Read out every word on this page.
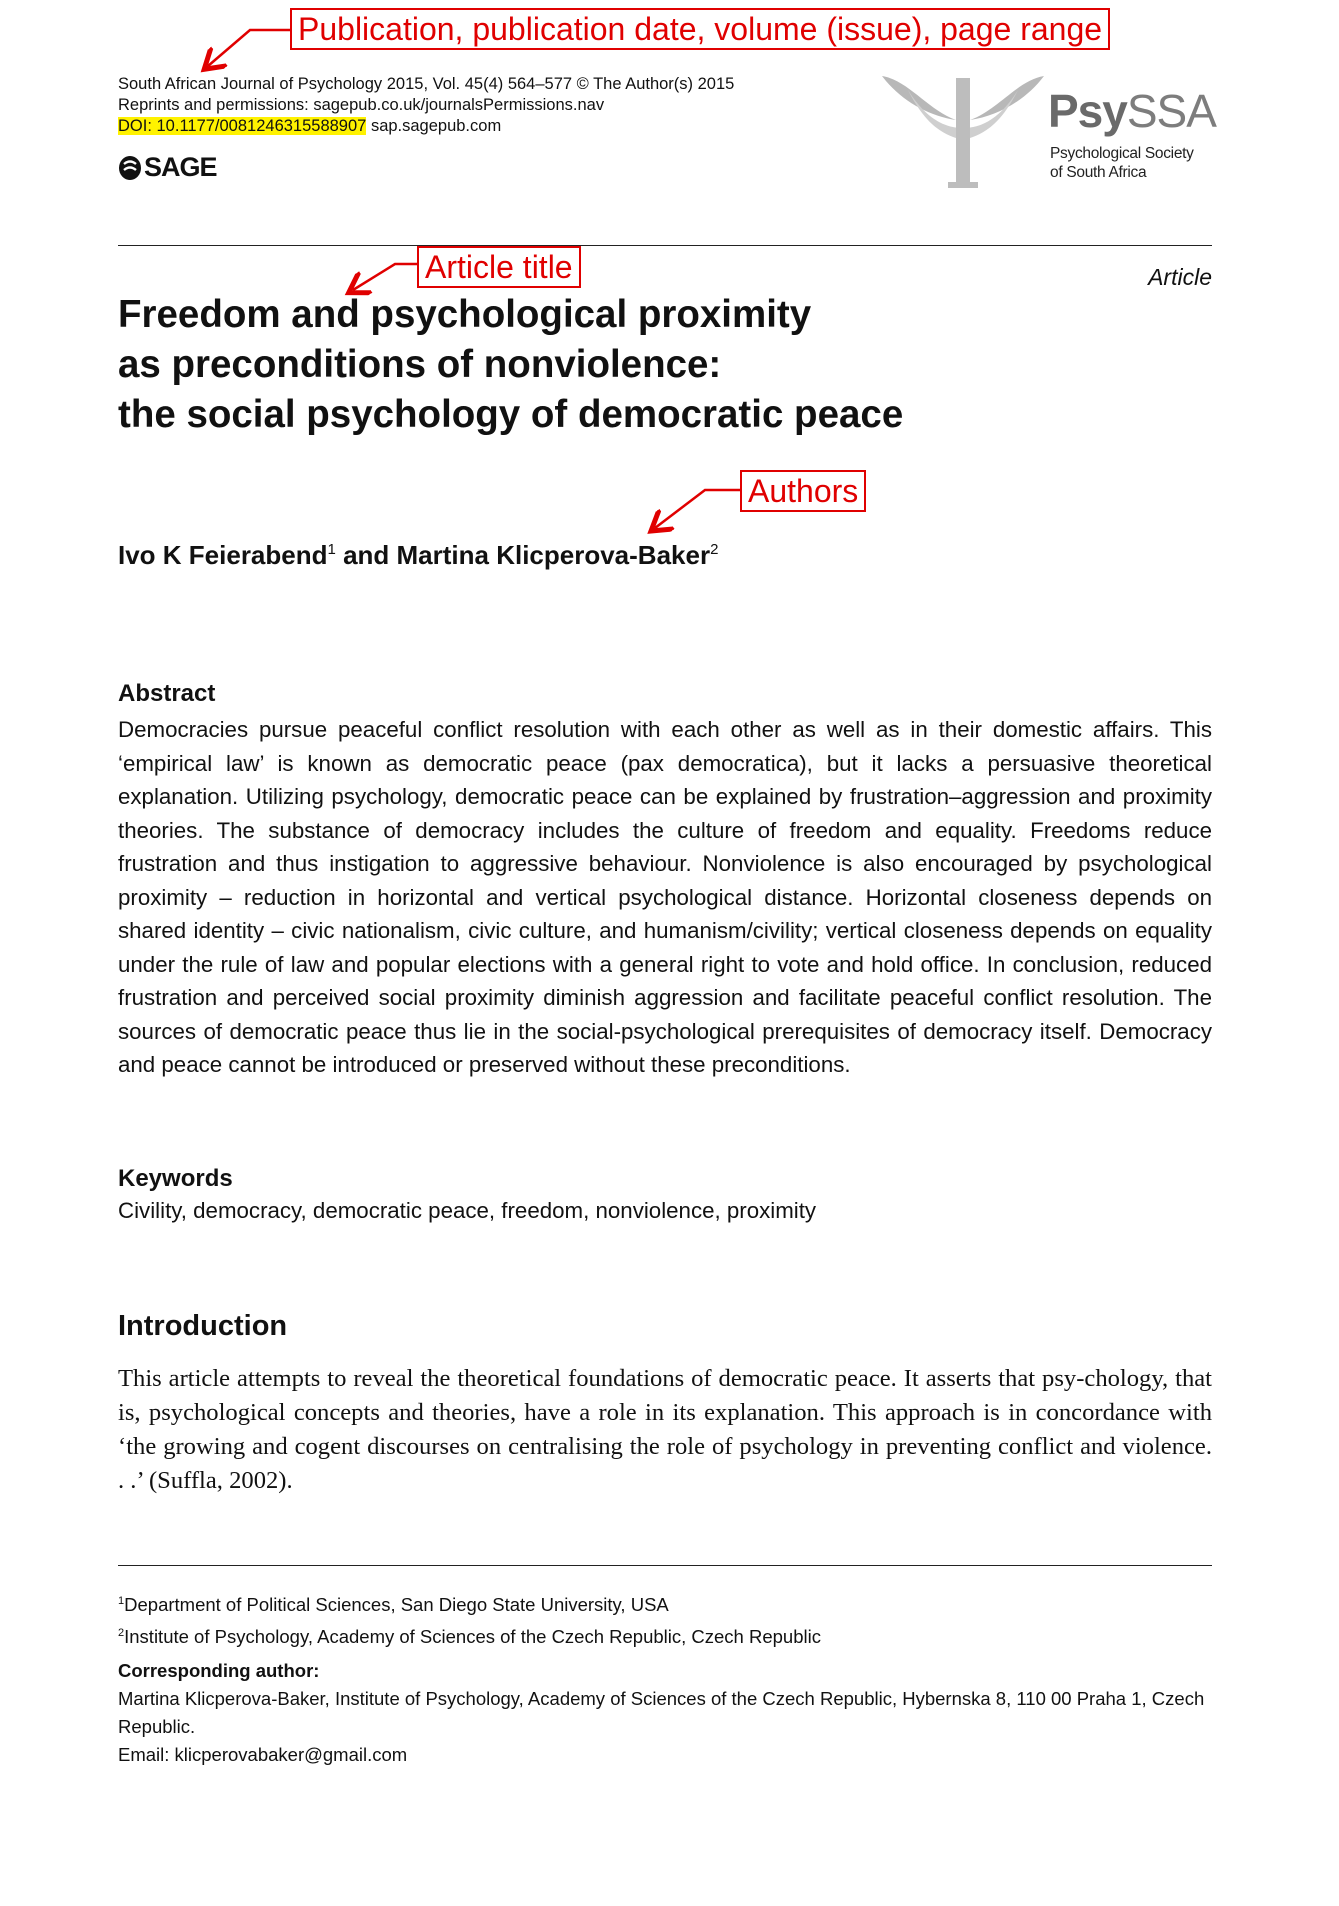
South African Journal of Psychology 2015, Vol. 45(4) 564–577 © The Author(s) 2015
Reprints and permissions: sagepub.co.uk/journalsPermissions.nav
DOI: 10.1177/0081246315588907 sap.sagepub.com
SAGE
PsySSA
Psychological Society
of South Africa
Article
Freedom and psychological proximity
as preconditions of nonviolence:
the social psychology of democratic peace
Ivo K Feierabend$^1$ and Martina Klicperova-Baker$^2$
Abstract
Democracies pursue peaceful conflict resolution with each other as well as in their domestic affairs. This ‘empirical law’ is known as democratic peace (pax democratica), but it lacks a persuasive theoretical explanation. Utilizing psychology, democratic peace can be explained by frustration–aggression and proximity theories. The substance of democracy includes the culture of freedom and equality. Freedoms reduce frustration and thus instigation to aggressive behaviour. Nonviolence is also encouraged by psychological proximity – reduction in horizontal and vertical psychological distance. Horizontal closeness depends on shared identity – civic nationalism, civic culture, and humanism/civility; vertical closeness depends on equality under the rule of law and popular elections with a general right to vote and hold office. In conclusion, reduced frustration and perceived social proximity diminish aggression and facilitate peaceful conflict resolution. The sources of democratic peace thus lie in the social-psychological prerequisites of democracy itself. Democracy and peace cannot be introduced or preserved without these preconditions.
Keywords
Civility, democracy, democratic peace, freedom, nonviolence, proximity
Introduction
This article attempts to reveal the theoretical foundations of democratic peace. It asserts that psy-chology, that is, psychological concepts and theories, have a role in its explanation. This approach is in concordance with ‘the growing and cogent discourses on centralising the role of psychology in preventing conflict and violence. . .’ (Suffla, 2002).
$^1$Department of Political Sciences, San Diego State University, USA
$^2$Institute of Psychology, Academy of Sciences of the Czech Republic, Czech Republic
Corresponding author:
Martina Klicperova-Baker, Institute of Psychology, Academy of Sciences of the Czech Republic, Hybernska 8, 110 00 Praha 1, Czech Republic.
Email: klicperovabaker@gmail.com
Publication, publication date, volume (issue), page range
Article title
Authors
